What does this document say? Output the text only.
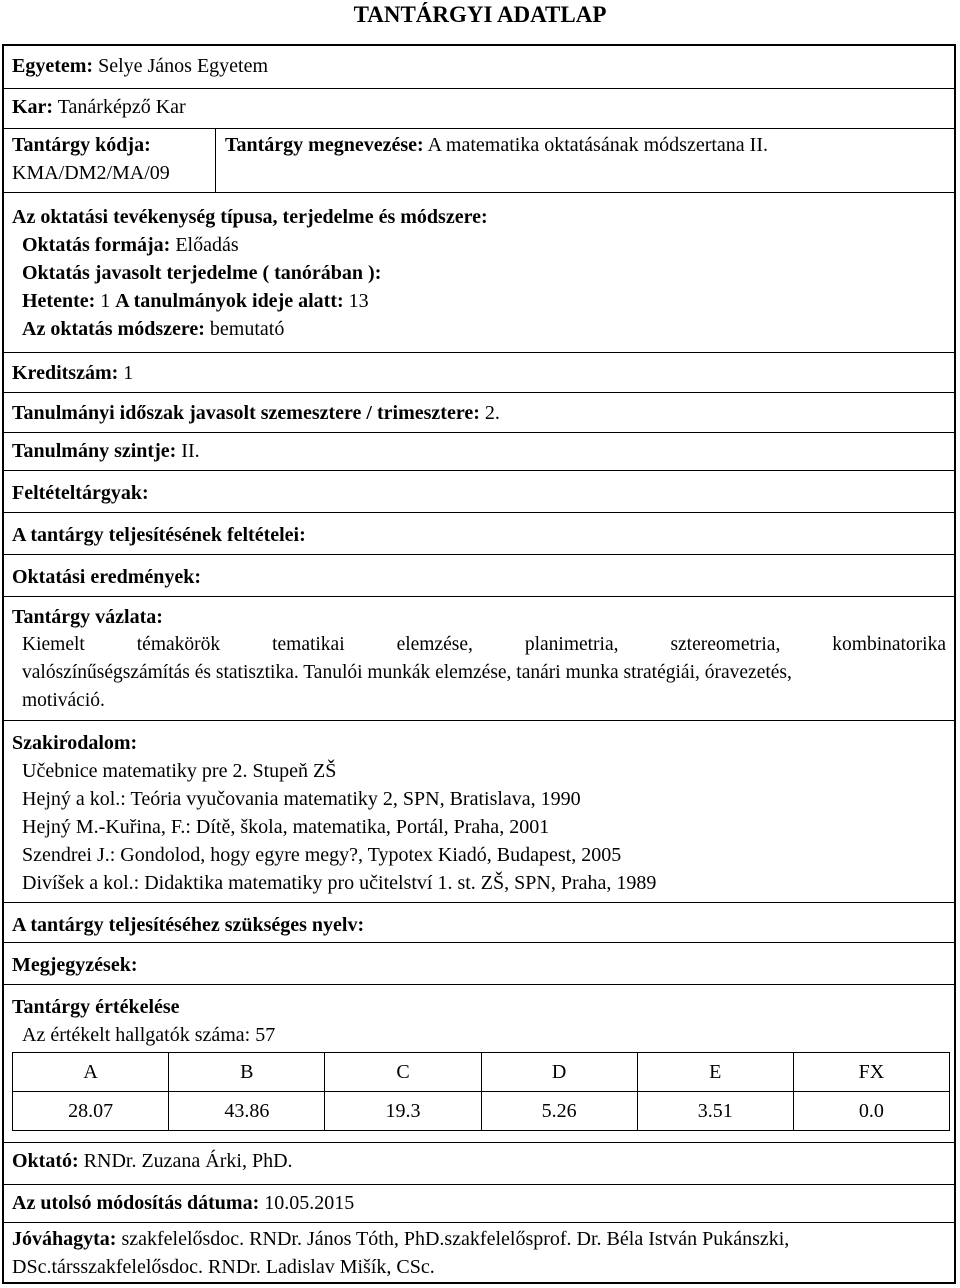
TANTÁRGYI ADATLAP
Egyetem: Selye János Egyetem
Kar: Tanárképző Kar
Tantárgy kódja:
KMA/DM2/MA/09
Tantárgy megnevezése: A matematika oktatásának módszertana II.
Az oktatási tevékenység típusa, terjedelme és módszere:
Oktatás formája: Előadás
Oktatás javasolt terjedelme ( tanórában ):
Hetente: 1 A tanulmányok ideje alatt: 13
Az oktatás módszere: bemutató
Kreditszám: 1
Tanulmányi időszak javasolt szemesztere / trimesztere: 2.
Tanulmány szintje: II.
Feltételtárgyak:
A tantárgy teljesítésének feltételei:
Oktatási eredmények:
Tantárgy vázlata:
Kiemelt témakörök tematikai elemzése, planimetria, sztereometria, kombinatorika
valószínűségszámítás és statisztika. Tanulói munkák elemzése, tanári munka stratégiái, óravezetés,
motiváció.
Szakirodalom:
Učebnice matematiky pre 2. Stupeň ZŠ
Hejný a kol.: Teória vyučovania matematiky 2, SPN, Bratislava, 1990
Hejný M.-Kuřina, F.: Dítě, škola, matematika, Portál, Praha, 2001
Szendrei J.: Gondolod, hogy egyre megy?, Typotex Kiadó, Budapest, 2005
Divíšek a kol.: Didaktika matematiky pro učitelství 1. st. ZŠ, SPN, Praha, 1989
A tantárgy teljesítéséhez szükséges nyelv:
Megjegyzések:
Tantárgy értékelése
Az értékelt hallgatók száma: 57
A	B	C	D	E	FX
28.07	43.86	19.3	5.26	3.51	0.0
Oktató: RNDr. Zuzana Árki, PhD.
Az utolsó módosítás dátuma: 10.05.2015
Jóváhagyta: szakfelelősdoc. RNDr. János Tóth, PhD.szakfelelősprof. Dr. Béla István Pukánszki,
DSc.társszakfelelősdoc. RNDr. Ladislav Mišík, CSc.
